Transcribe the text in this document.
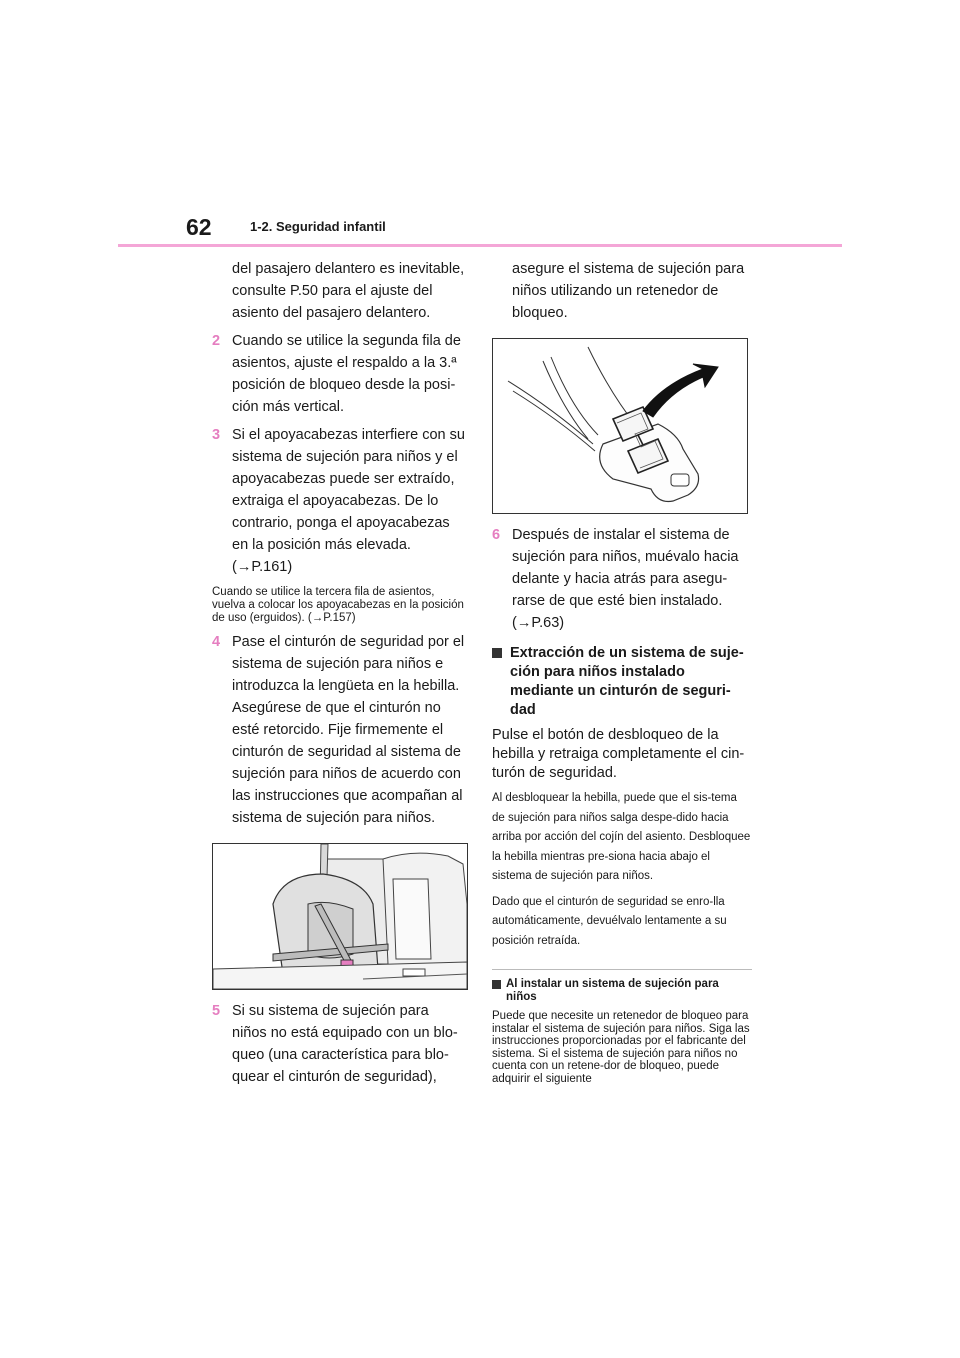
62	1-2. Seguridad infantil
del pasajero delantero es inevitable,
consulte P.50 para el ajuste del
asiento del pasajero delantero.
2 Cuando se utilice la segunda fila de
asientos, ajuste el respaldo a la 3.ª
posición de bloqueo desde la posi-
ción más vertical.
3 Si el apoyacabezas interfiere con su
sistema de sujeción para niños y el
apoyacabezas puede ser extraído,
extraiga el apoyacabezas. De lo
contrario, ponga el apoyacabezas
en la posición más elevada.
(→P.161)
Cuando se utilice la tercera fila de asientos, vuelva a colocar los apoyacabezas en la posición de uso (erguidos). (→P.157)
4 Pase el cinturón de seguridad por el
sistema de sujeción para niños e
introduzca la lengüeta en la hebilla.
Asegúrese de que el cinturón no
esté retorcido. Fije firmemente el
cinturón de seguridad al sistema de
sujeción para niños de acuerdo con
las instrucciones que acompañan al
sistema de sujeción para niños.
5 Si su sistema de sujeción para
niños no está equipado con un blo-
queo (una característica para blo-
quear el cinturón de seguridad),
asegure el sistema de sujeción para
niños utilizando un retenedor de
bloqueo.
6 Después de instalar el sistema de
sujeción para niños, muévalo hacia
delante y hacia atrás para asegu-
rarse de que esté bien instalado.
(→P.63)
Extracción de un sistema de suje-ción para niños instalado mediante un cinturón de seguri-dad
Pulse el botón de desbloqueo de la hebilla y retraiga completamente el cin-turón de seguridad.
Al desbloquear la hebilla, puede que el sis-tema de sujeción para niños salga despe-dido hacia arriba por acción del cojín del asiento. Desbloquee la hebilla mientras pre-siona hacia abajo el sistema de sujeción para niños.
Dado que el cinturón de seguridad se enro-lla automáticamente, devuélvalo lentamente a su posición retraída.
Al instalar un sistema de sujeción para niños
Puede que necesite un retenedor de bloqueo para instalar el sistema de sujeción para niños. Siga las instrucciones proporcionadas por el fabricante del sistema. Si el sistema de sujeción para niños no cuenta con un retene-dor de bloqueo, puede adquirir el siguiente
